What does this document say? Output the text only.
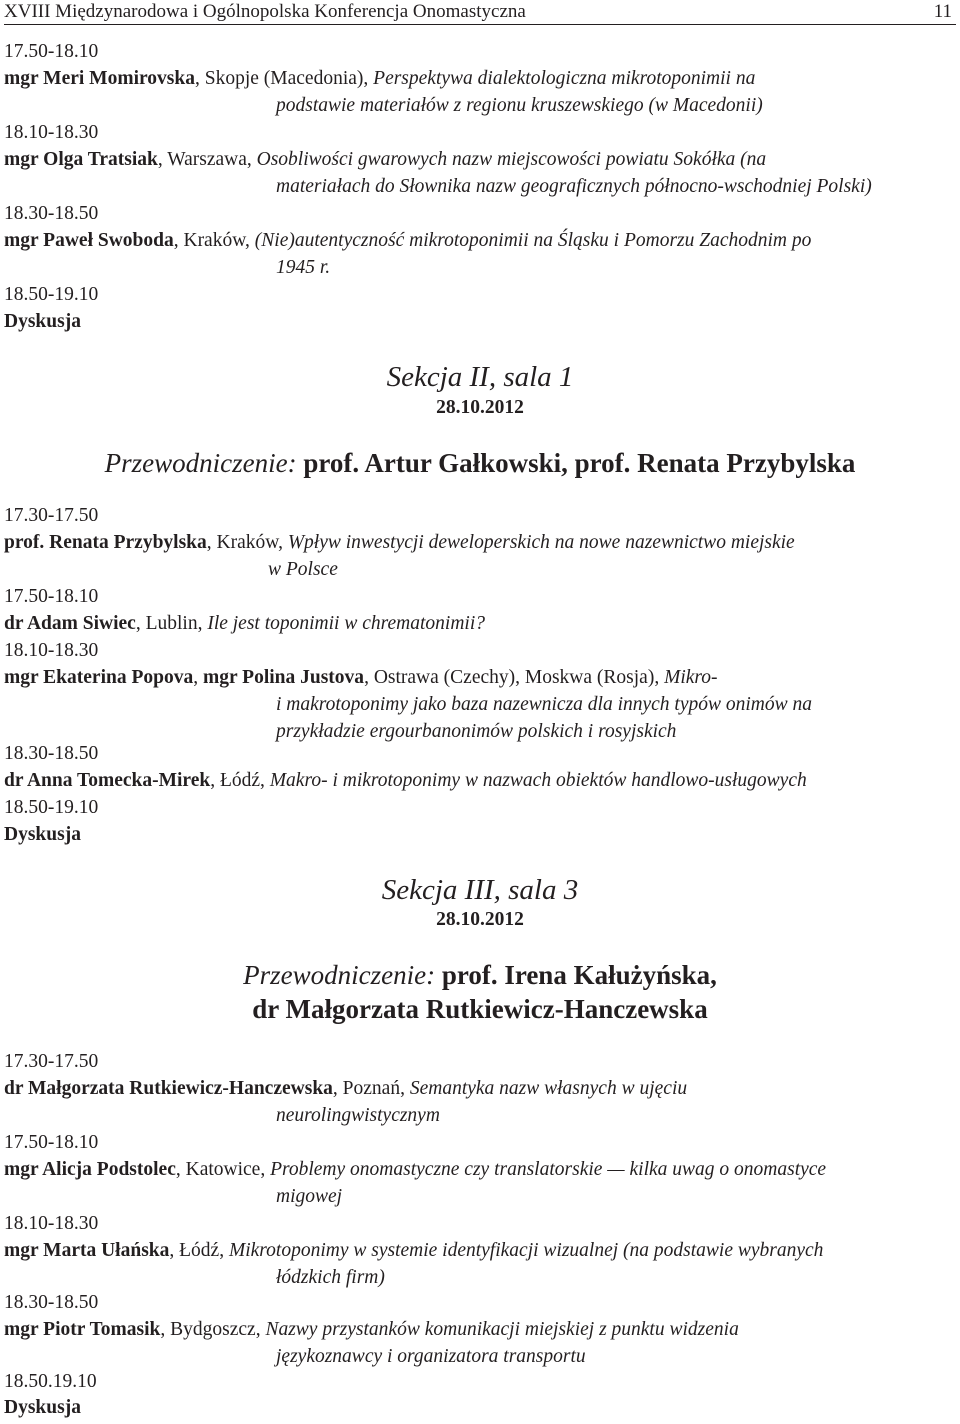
XVIII Międzynarodowa i Ogólnopolska Konferencja Onomastyczna	11
17.50-18.10
mgr Meri Momirovska, Skopje (Macedonia), Perspektywa dialektologiczna mikrotoponimii na
podstawie materiałów z regionu kruszewskiego (w Macedonii)
18.10-18.30
mgr Olga Tratsiak, Warszawa, Osobliwości gwarowych nazw miejscowości powiatu Sokółka (na
materiałach do Słownika nazw geograficznych północno-wschodniej Polski)
18.30-18.50
mgr Paweł Swoboda, Kraków, (Nie)autentyczność mikrotoponimii na Śląsku i Pomorzu Zachodnim po
1945 r.
18.50-19.10
Dyskusja
Sekcja II, sala 1
28.10.2012
Przewodniczenie: prof. Artur Gałkowski, prof. Renata Przybylska
17.30-17.50
prof. Renata Przybylska, Kraków, Wpływ inwestycji deweloperskich na nowe nazewnictwo miejskie
w Polsce
17.50-18.10
dr Adam Siwiec, Lublin, Ile jest toponimii w chrematonimii?
18.10-18.30
mgr Ekaterina Popova, mgr Polina Justova, Ostrawa (Czechy), Moskwa (Rosja), Mikro-
i makrotoponimy jako baza nazewnicza dla innych typów onimów na
przykładzie ergourbanonimów polskich i rosyjskich
18.30-18.50
dr Anna Tomecka-Mirek, Łódź, Makro- i mikrotoponimy w nazwach obiektów handlowo-usługowych
18.50-19.10
Dyskusja
Sekcja III, sala 3
28.10.2012
Przewodniczenie: prof. Irena Kałużyńska,
dr Małgorzata Rutkiewicz-Hanczewska
17.30-17.50
dr Małgorzata Rutkiewicz-Hanczewska, Poznań, Semantyka nazw własnych w ujęciu
neurolingwistycznym
17.50-18.10
mgr Alicja Podstolec, Katowice, Problemy onomastyczne czy translatorskie — kilka uwag o onomastyce
migowej
18.10-18.30
mgr Marta Ułańska, Łódź, Mikrotoponimy w systemie identyfikacji wizualnej (na podstawie wybranych
łódzkich firm)
18.30-18.50
mgr Piotr Tomasik, Bydgoszcz, Nazwy przystanków komunikacji miejskiej z punktu widzenia
językoznawcy i organizatora transportu
18.50.19.10
Dyskusja
